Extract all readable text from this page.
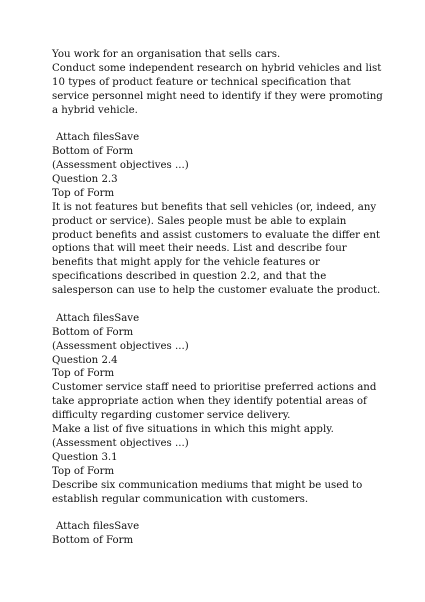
You work for an organisation that sells cars.
Conduct some independent research on hybrid vehicles and list
10 types of product feature or technical specification that
service personnel might need to identify if they were promoting
a hybrid vehicle.
Attach filesSave
Bottom of Form
(Assessment objectives ...)
Question 2.3
Top of Form
It is not features but benefits that sell vehicles (or, indeed, any
product or service). Sales people must be able to explain
product benefits and assist customers to evaluate the differ ent
options that will meet their needs. List and describe four
benefits that might apply for the vehicle features or
specifications described in question 2.2, and that the
salesperson can use to help the customer evaluate the product.
Attach filesSave
Bottom of Form
(Assessment objectives ...)
Question 2.4
Top of Form
Customer service staff need to prioritise preferred actions and
take appropriate action when they identify potential areas of
difficulty regarding customer service delivery.
Make a list of five situations in which this might apply.
(Assessment objectives ...)
Question 3.1
Top of Form
Describe six communication mediums that might be used to
establish regular communication with customers.
Attach filesSave
Bottom of Form
